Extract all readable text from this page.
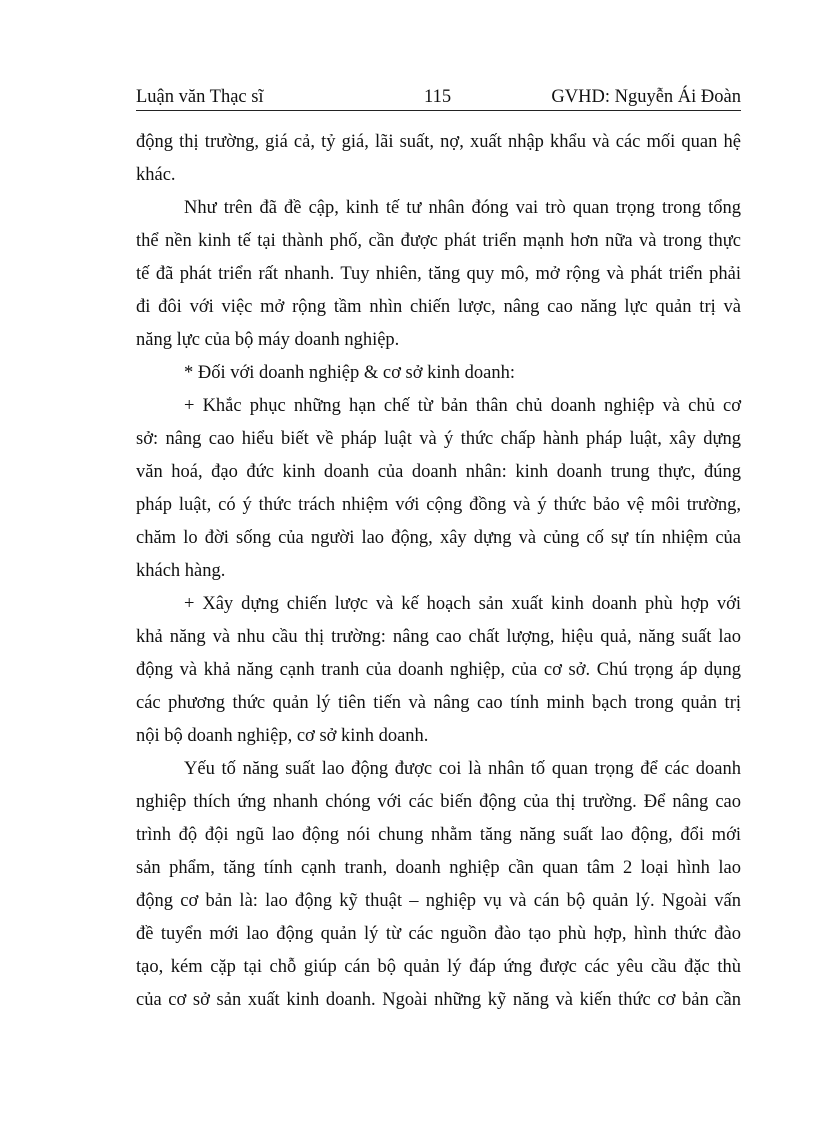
Luận văn Thạc sĩ	115	GVHD: Nguyễn Ái Đoàn
động thị trường, giá cả, tỷ giá, lãi suất, nợ, xuất nhập khẩu và các mối quan hệ
khác.
Như trên đã đề cập, kinh tế tư nhân đóng vai trò quan trọng trong tổng
thể nền kinh tế tại thành phố, cần được phát triển mạnh hơn nữa và trong thực
tế đã phát triển rất nhanh. Tuy nhiên, tăng quy mô, mở rộng và phát triển phải
đi đôi với việc mở rộng tầm nhìn chiến lược, nâng cao năng lực quản trị và
năng lực của bộ máy doanh nghiệp.
* Đối với doanh nghiệp & cơ sở kinh doanh:
+ Khắc phục những hạn chế từ bản thân chủ doanh nghiệp và chủ cơ
sở: nâng cao hiểu biết về pháp luật và ý thức chấp hành pháp luật, xây dựng
văn hoá, đạo đức kinh doanh của doanh nhân: kinh doanh trung thực, đúng
pháp luật, có ý thức trách nhiệm với cộng đồng và ý thức bảo vệ môi trường,
chăm lo đời sống của người lao động, xây dựng và củng cố sự tín nhiệm của
khách hàng.
+ Xây dựng chiến lược và kế hoạch sản xuất kinh doanh phù hợp với
khả năng và nhu cầu thị trường: nâng cao chất lượng, hiệu quả, năng suất lao
động và khả năng cạnh tranh của doanh nghiệp, của cơ sở. Chú trọng áp dụng
các phương thức quản lý tiên tiến và nâng cao tính minh bạch trong quản trị
nội bộ doanh nghiệp, cơ sở kinh doanh.
Yếu tố năng suất lao động được coi là nhân tố quan trọng để các doanh
nghiệp thích ứng nhanh chóng với các biến động của thị trường. Để nâng cao
trình độ đội ngũ lao động nói chung nhằm tăng năng suất lao động, đổi mới
sản phẩm, tăng tính cạnh tranh, doanh nghiệp cần quan tâm 2 loại hình lao
động cơ bản là: lao động kỹ thuật – nghiệp vụ và cán bộ quản lý. Ngoài vấn
đề tuyển mới lao động quản lý từ các nguồn đào tạo phù hợp, hình thức đào
tạo, kém cặp tại chỗ giúp cán bộ quản lý đáp ứng được các yêu cầu đặc thù
của cơ sở sản xuất kinh doanh. Ngoài những kỹ năng và kiến thức cơ bản cần
